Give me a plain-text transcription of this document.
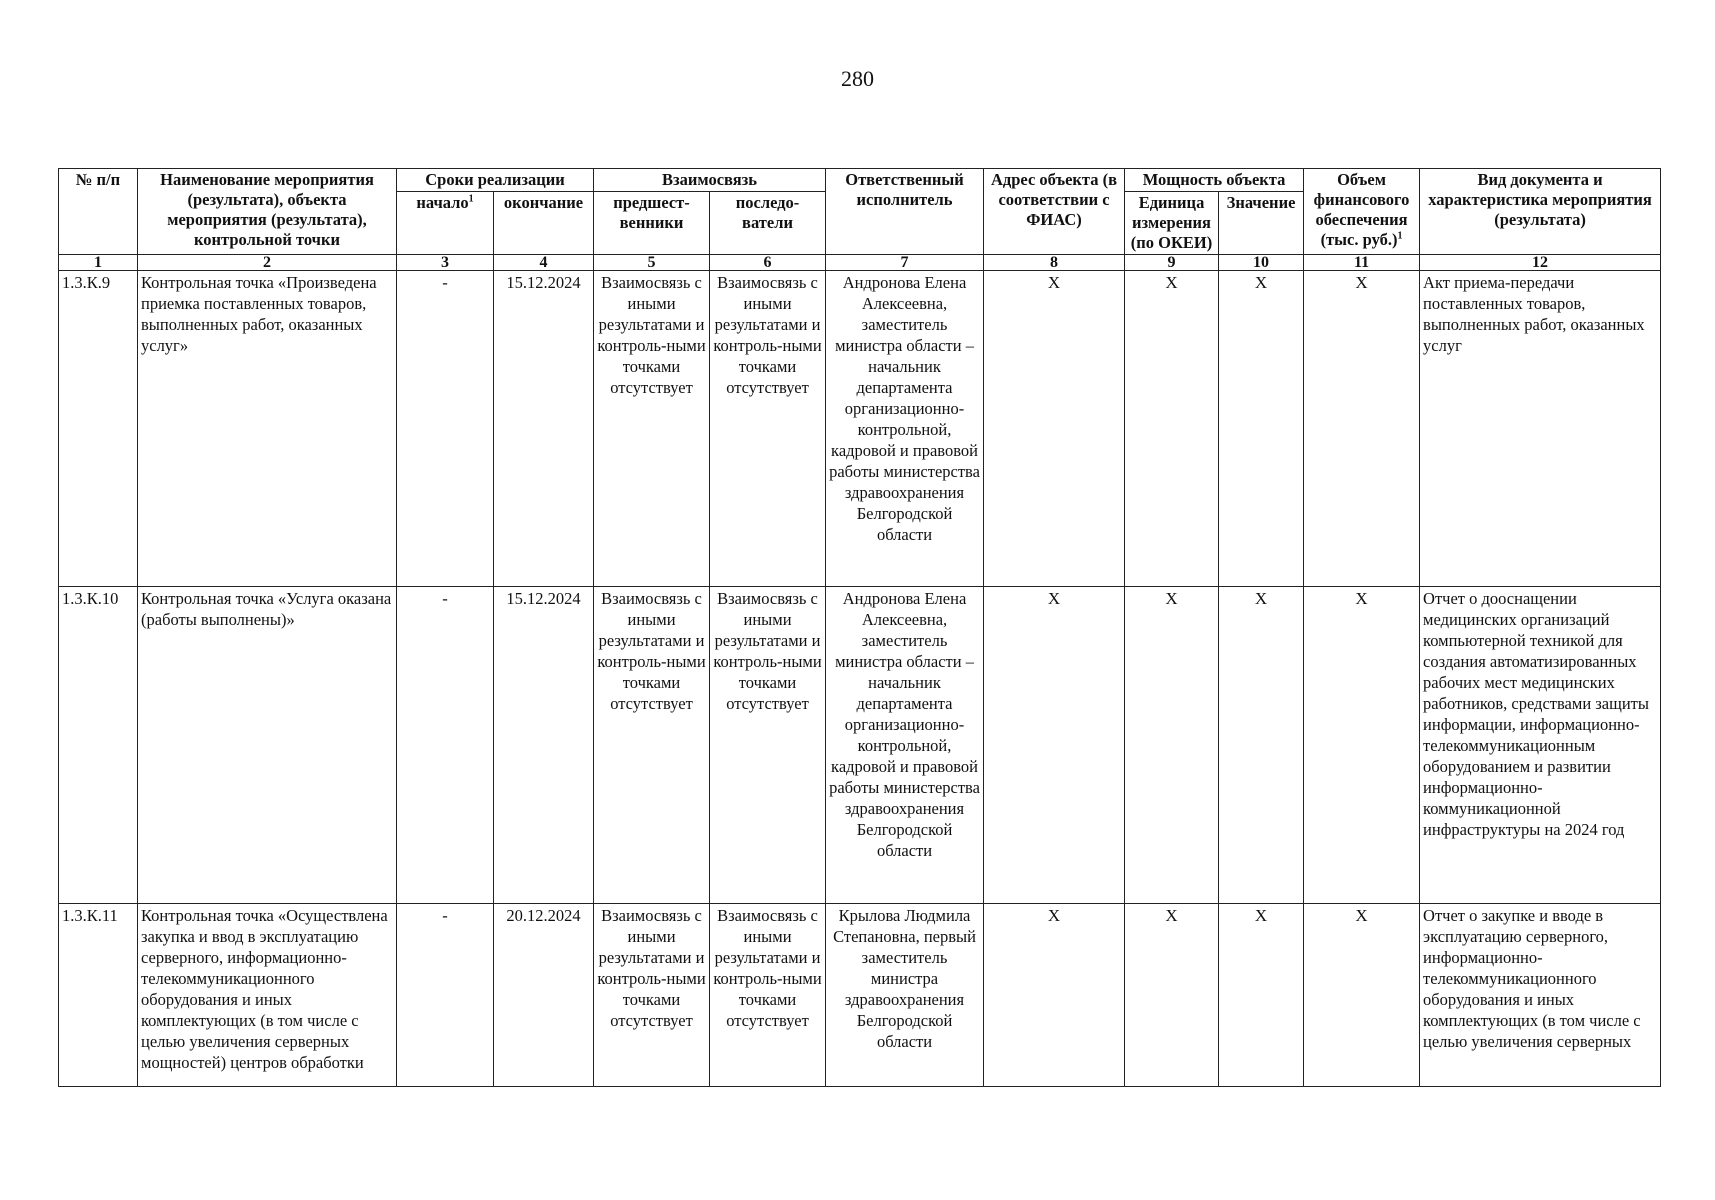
280
№ п/п	Наименование мероприятия (результата), объекта мероприятия (результата), контрольной точки	Сроки реализации		Взаимосвязь		Ответственный исполнитель	Адрес объекта (в соответствии с ФИАС)	Мощность объекта		Объем финансового обеспечения (тыс. руб.)$^1$	Вид документа и характеристика мероприятия (результата)
		начало$^1$	окончание	предшест-венники	последо-ватели			Единица измерения (по ОКЕИ)	Значение		
1	2	3	4	5	6	7	8	9	10	11	12
1.3.К.9	Контрольная точка «Произведена приемка поставленных товаров, выполненных работ, оказанных услуг»	-	15.12.2024	Взаимосвязь с иными результатами и контроль-ными точками отсутствует	Взаимосвязь с иными результатами и контроль-ными точками отсутствует	Андронова Елена Алексеевна, заместитель министра области – начальник департамента организационно-контрольной, кадровой и правовой работы министерства здравоохранения Белгородской области	Х	Х	Х	Х	Акт приема-передачи поставленных товаров, выполненных работ, оказанных услуг
1.3.К.10	Контрольная точка «Услуга оказана (работы выполнены)»	-	15.12.2024	Взаимосвязь с иными результатами и контроль-ными точками отсутствует	Взаимосвязь с иными результатами и контроль-ными точками отсутствует	Андронова Елена Алексеевна, заместитель министра области – начальник департамента организационно-контрольной, кадровой и правовой работы министерства здравоохранения Белгородской области	Х	Х	Х	Х	Отчет о дооснащении медицинских организаций компьютерной техникой для создания автоматизированных рабочих мест медицинских работников, средствами защиты информации, информационно-телекоммуникационным оборудованием и развитии информационно-коммуникационной инфраструктуры на 2024 год
1.3.К.11	Контрольная точка «Осуществлена закупка и ввод в эксплуатацию серверного, информационно-телекоммуникационного оборудования и иных комплектующих (в том числе с целью увеличения серверных мощностей) центров обработки	-	20.12.2024	Взаимосвязь с иными результатами и контроль-ными точками отсутствует	Взаимосвязь с иными результатами и контроль-ными точками отсутствует	Крылова Людмила Степановна, первый заместитель министра здравоохранения Белгородской области	Х	Х	Х	Х	Отчет о закупке и вводе в эксплуатацию серверного, информационно-телекоммуникационного оборудования и иных комплектующих (в том числе с целью увеличения серверных
